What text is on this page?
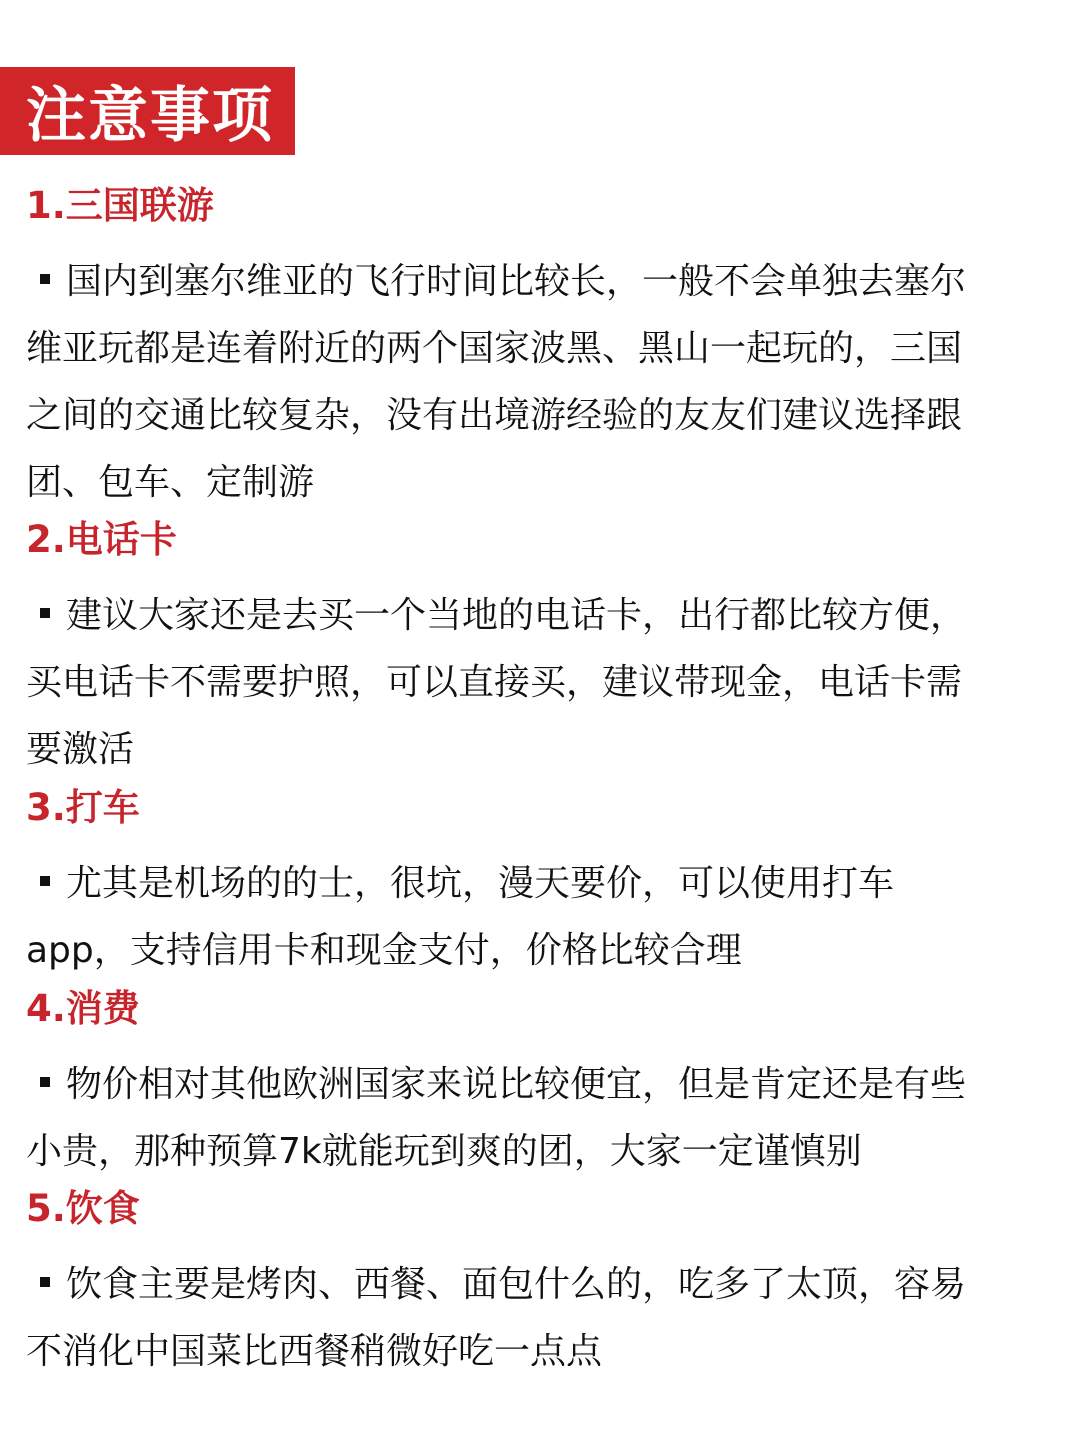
注意事项
1.三国联游
国内到塞尔维亚的飞行时间比较长，一般不会单独去塞尔
维亚玩都是连着附近的两个国家波黑、黑山一起玩的，三国
之间的交通比较复杂，没有出境游经验的友友们建议选择跟
团、包车、定制游
2.电话卡
建议大家还是去买一个当地的电话卡，出行都比较方便，
买电话卡不需要护照，可以直接买，建议带现金，电话卡需
要激活
3.打车
尤其是机场的的士，很坑，漫天要价，可以使用打车
app，支持信用卡和现金支付，价格比较合理
4.消费
物价相对其他欧洲国家来说比较便宜，但是肯定还是有些
小贵，那种预算7k就能玩到爽的团，大家一定谨慎别
5.饮食
饮食主要是烤肉、西餐、面包什么的，吃多了太顶，容易
不消化中国菜比西餐稍微好吃一点点
